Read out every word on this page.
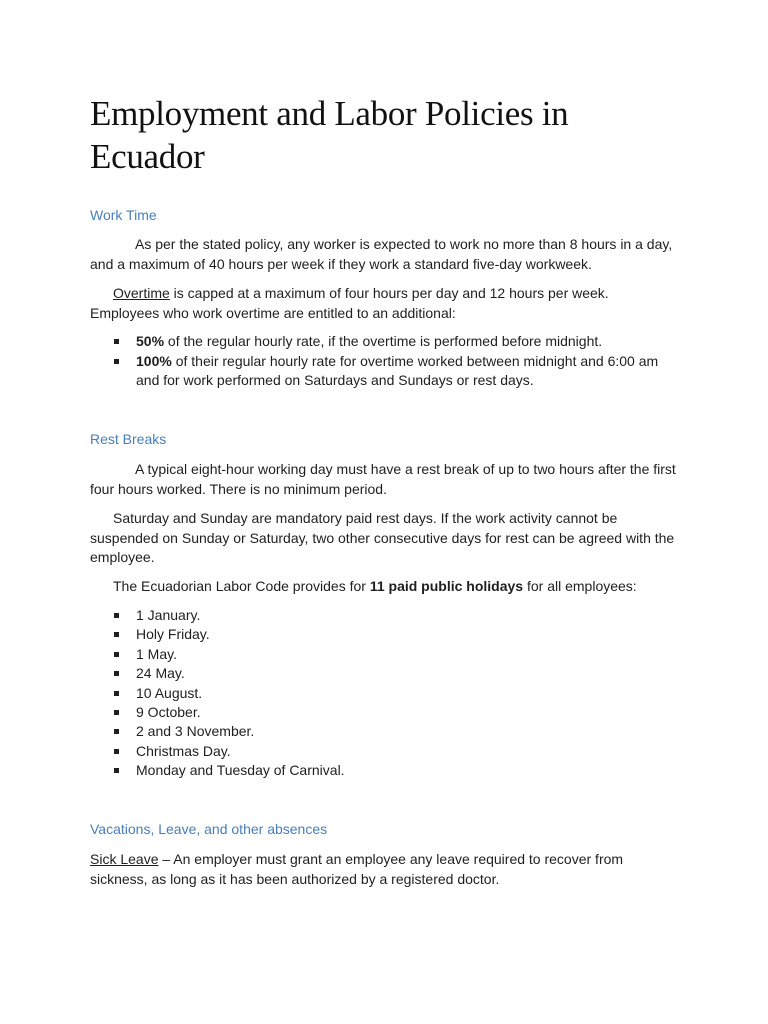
Employment and Labor Policies in Ecuador
Work Time
As per the stated policy, any worker is expected to work no more than 8 hours in a day, and a maximum of 40 hours per week if they work a standard five-day workweek.
Overtime is capped at a maximum of four hours per day and 12 hours per week. Employees who work overtime are entitled to an additional:
50% of the regular hourly rate, if the overtime is performed before midnight.
100% of their regular hourly rate for overtime worked between midnight and 6:00 am and for work performed on Saturdays and Sundays or rest days.
Rest Breaks
A typical eight-hour working day must have a rest break of up to two hours after the first four hours worked. There is no minimum period.
Saturday and Sunday are mandatory paid rest days. If the work activity cannot be suspended on Sunday or Saturday, two other consecutive days for rest can be agreed with the employee.
The Ecuadorian Labor Code provides for 11 paid public holidays for all employees:
1 January.
Holy Friday.
1 May.
24 May.
10 August.
9 October.
2 and 3 November.
Christmas Day.
Monday and Tuesday of Carnival.
Vacations, Leave, and other absences
Sick Leave – An employer must grant an employee any leave required to recover from sickness, as long as it has been authorized by a registered doctor.
